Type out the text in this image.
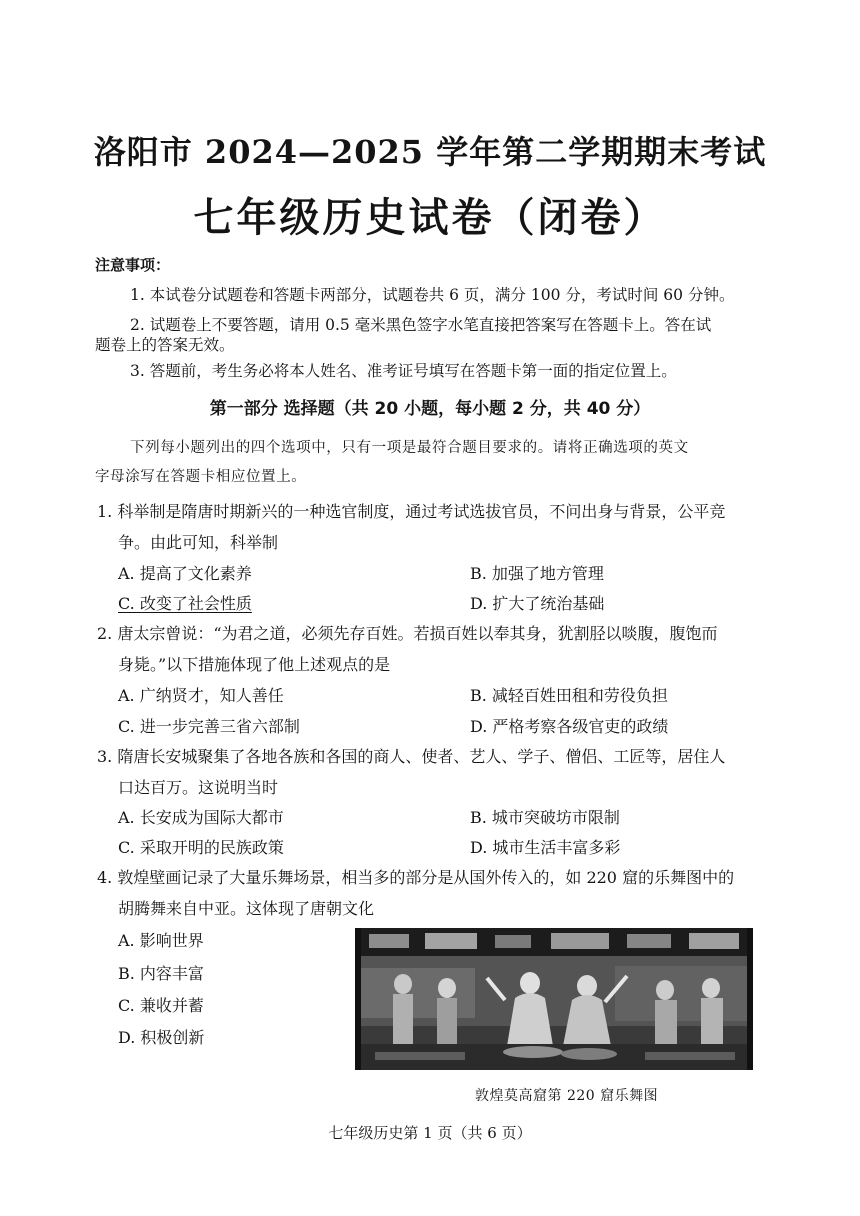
洛阳市 2024—2025 学年第二学期期末考试
七年级历史试卷（闭卷）
注意事项：
1. 本试卷分试题卷和答题卡两部分，试题卷共 6 页，满分 100 分，考试时间 60 分钟。
2. 试题卷上不要答题，请用 0.5 毫米黑色签字水笔直接把答案写在答题卡上。答在试
题卷上的答案无效。
3. 答题前，考生务必将本人姓名、准考证号填写在答题卡第一面的指定位置上。
第一部分 选择题（共 20 小题，每小题 2 分，共 40 分）
下列每小题列出的四个选项中，只有一项是最符合题目要求的。请将正确选项的英文
字母涂写在答题卡相应位置上。
1. 科举制是隋唐时期新兴的一种选官制度，通过考试选拔官员，不问出身与背景，公平竞
争。由此可知，科举制
A. 提高了文化素养	B. 加强了地方管理
C. 改变了社会性质	D. 扩大了统治基础
2. 唐太宗曾说：“为君之道，必须先存百姓。若损百姓以奉其身，犹割胫以啖腹，腹饱而
身毙。”以下措施体现了他上述观点的是
A. 广纳贤才，知人善任	B. 减轻百姓田租和劳役负担
C. 进一步完善三省六部制	D. 严格考察各级官吏的政绩
3. 隋唐长安城聚集了各地各族和各国的商人、使者、艺人、学子、僧侣、工匠等，居住人
口达百万。这说明当时
A. 长安成为国际大都市	B. 城市突破坊市限制
C. 采取开明的民族政策	D. 城市生活丰富多彩
4. 敦煌壁画记录了大量乐舞场景，相当多的部分是从国外传入的，如 220 窟的乐舞图中的
胡腾舞来自中亚。这体现了唐朝文化
A. 影响世界
B. 内容丰富
C. 兼收并蓄
D. 积极创新
敦煌莫高窟第 220 窟乐舞图
七年级历史第 1 页（共 6 页）
